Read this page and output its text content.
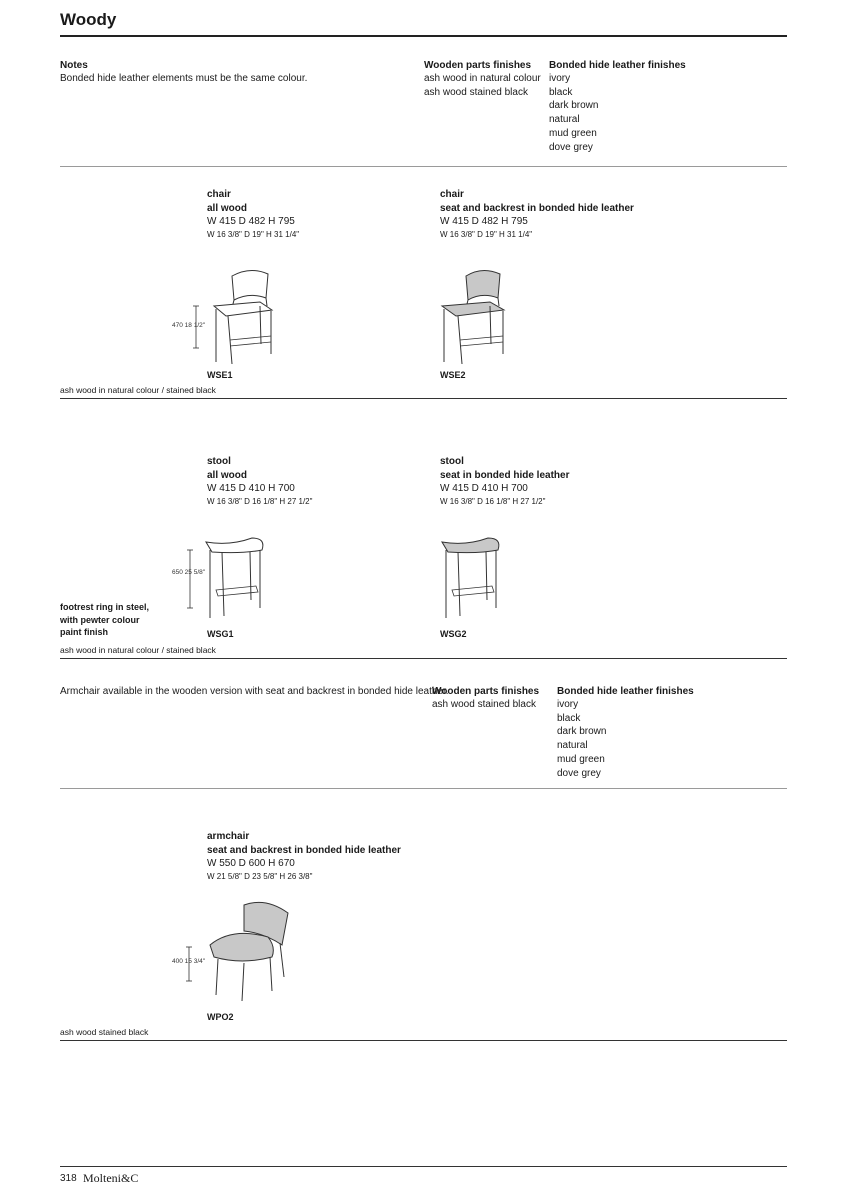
Woody
Notes
Bonded hide leather elements must be the same colour.
Wooden parts finishes
ash wood in natural colour
ash wood stained black
Bonded hide leather finishes
ivory
black
dark brown
natural
mud green
dove grey
chair
all wood
W 415 D 482 H 795
W 16 3/8" D 19" H 31 1/4"
470 18 1/2"
WSE1
chair
seat and backrest in bonded hide leather
W 415 D 482 H 795
W 16 3/8" D 19" H 31 1/4"
WSE2
ash wood in natural colour / stained black
stool
all wood
W 415 D 410 H 700
W 16 3/8" D 16 1/8" H 27 1/2"
650 25 5/8"
footrest ring in steel,
with pewter colour
paint finish	WSG1
stool
seat in bonded hide leather
W 415 D 410 H 700
W 16 3/8" D 16 1/8" H 27 1/2"
WSG2
ash wood in natural colour / stained black
Armchair available in the wooden version with seat and backrest in bonded hide leather.
Wooden parts finishes
ash wood stained black
Bonded hide leather finishes
ivory
black
dark brown
natural
mud green
dove grey
armchair
seat and backrest in bonded hide leather
W 550 D 600 H 670
W 21 5/8" D 23 5/8" H 26 3/8"
400 15 3/4"
WPO2
ash wood stained black
318 Molteni&C
